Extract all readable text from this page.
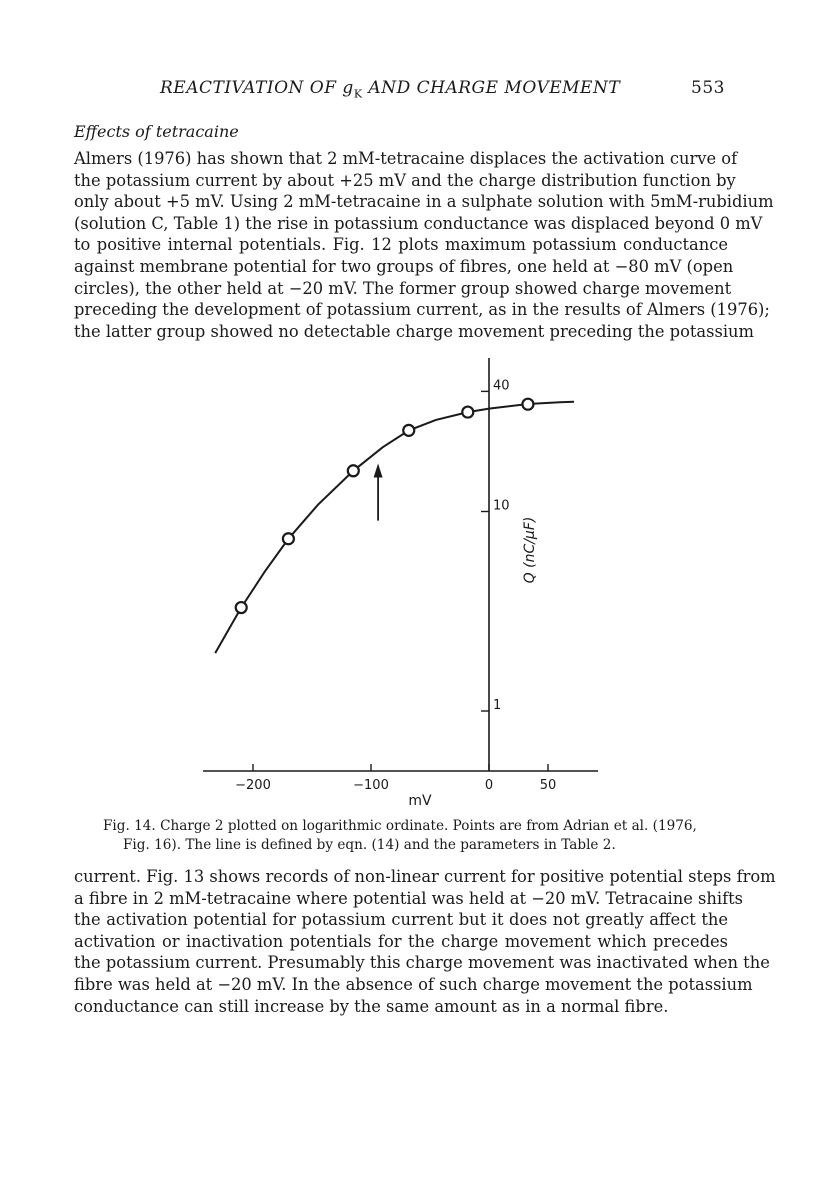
REACTIVATION OF $g_K$ AND CHARGE MOVEMENT	553
Effects of tetracaine
Almers (1976) has shown that 2 mM-tetracaine displaces the activation curve of
the potassium current by about +25 mV and the charge distribution function by
only about +5 mV. Using 2 mM-tetracaine in a sulphate solution with 5mM-rubidium
(solution C, Table 1) the rise in potassium conductance was displaced beyond 0 mV
to positive internal potentials. Fig. 12 plots maximum potassium conductance
against membrane potential for two groups of fibres, one held at −80 mV (open
circles), the other held at −20 mV. The former group showed charge movement
preceding the development of potassium current, as in the results of Almers (1976);
the latter group showed no detectable charge movement preceding the potassium
−200	−100	0	50
1
10
40
Q (nC/µF)
mV
Fig. 14. Charge 2 plotted on logarithmic ordinate. Points are from Adrian et al. (1976,
Fig. 16). The line is defined by eqn. (14) and the parameters in Table 2.
current. Fig. 13 shows records of non-linear current for positive potential steps from
a fibre in 2 mM-tetracaine where potential was held at −20 mV. Tetracaine shifts
the activation potential for potassium current but it does not greatly affect the
activation or inactivation potentials for the charge movement which precedes
the potassium current. Presumably this charge movement was inactivated when the
fibre was held at −20 mV. In the absence of such charge movement the potassium
conductance can still increase by the same amount as in a normal fibre.
